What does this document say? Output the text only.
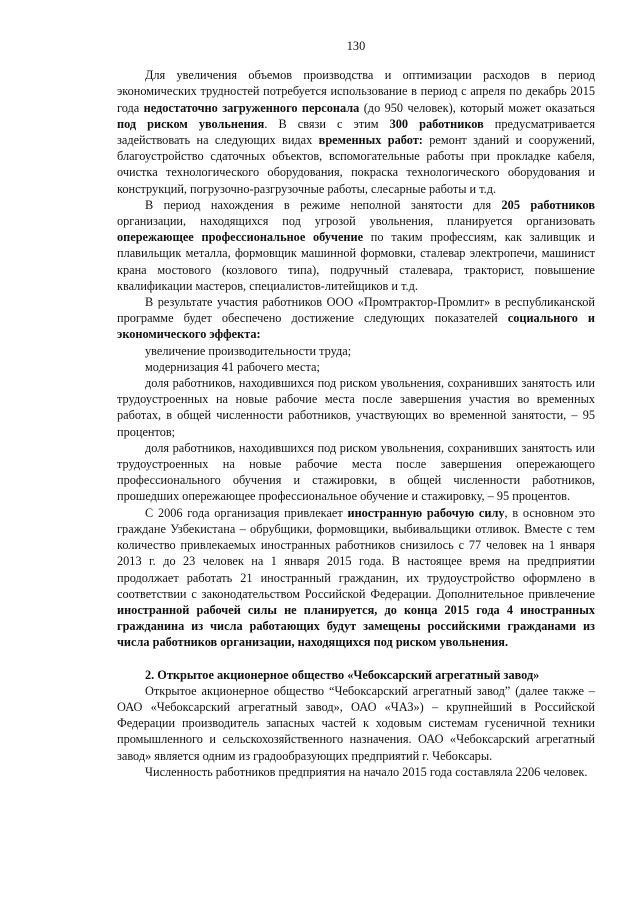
130

Для увеличения объемов производства и оптимизации расходов в период экономических трудностей потребуется использование в период с апреля по декабрь 2015 года недостаточно загруженного персонала (до 950 человек), который может оказаться под риском увольнения. В связи с этим 300 работников предусматривается задействовать на следующих видах временных работ: ремонт зданий и сооружений, благоустройство сдаточных объектов, вспомогательные работы при прокладке кабеля, очистка технологического оборудования, покраска технологического оборудования и конструкций, погрузочно-разгрузочные работы, слесарные работы и т.д.

В период нахождения в режиме неполной занятости для 205 работников организации, находящихся под угрозой увольнения, планируется организовать опережающее профессиональное обучение по таким профессиям, как заливщик и плавильщик металла, формовщик машинной формовки, сталевар электропечи, машинист крана мостового (козлового типа), подручный сталевара, тракторист, повышение квалификации мастеров, специалистов-литейщиков и т.д.

В результате участия работников ООО «Промтрактор-Промлит» в республиканской программе будет обеспечено достижение следующих показателей социального и экономического эффекта:

увеличение производительности труда;

модернизация 41 рабочего места;

доля работников, находившихся под риском увольнения, сохранивших занятость или трудоустроенных на новые рабочие места после завершения участия во временных работах, в общей численности работников, участвующих во временной занятости, – 95 процентов;

доля работников, находившихся под риском увольнения, сохранивших занятость или трудоустроенных на новые рабочие места после завершения опережающего профессионального обучения и стажировки, в общей численности работников, прошедших опережающее профессиональное обучение и стажировку, – 95 процентов.

С 2006 года организация привлекает иностранную рабочую силу, в основном это граждане Узбекистана – обрубщики, формовщики, выбивальщики отливок. Вместе с тем количество привлекаемых иностранных работников снизилось с 77 человек на 1 января 2013 г. до 23 человек на 1 января 2015 года. В настоящее время на предприятии продолжает работать 21 иностранный гражданин, их трудоустройство оформлено в соответствии с законодательством Российской Федерации. Дополнительное привлечение иностранной рабочей силы не планируется, до конца 2015 года 4 иностранных гражданина из числа работающих будут замещены российскими гражданами из числа работников организации, находящихся под риском увольнения.

2. Открытое акционерное общество «Чебоксарский агрегатный завод»

Открытое акционерное общество “Чебоксарский агрегатный завод” (далее также – ОАО «Чебоксарский агрегатный завод», ОАО «ЧАЗ») – крупнейший в Российской Федерации производитель запасных частей к ходовым системам гусеничной техники промышленного и сельскохозяйственного назначения. ОАО «Чебоксарский агрегатный завод» является одним из градообразующих предприятий г. Чебоксары.

Численность работников предприятия на начало 2015 года составляла 2206 человек.
